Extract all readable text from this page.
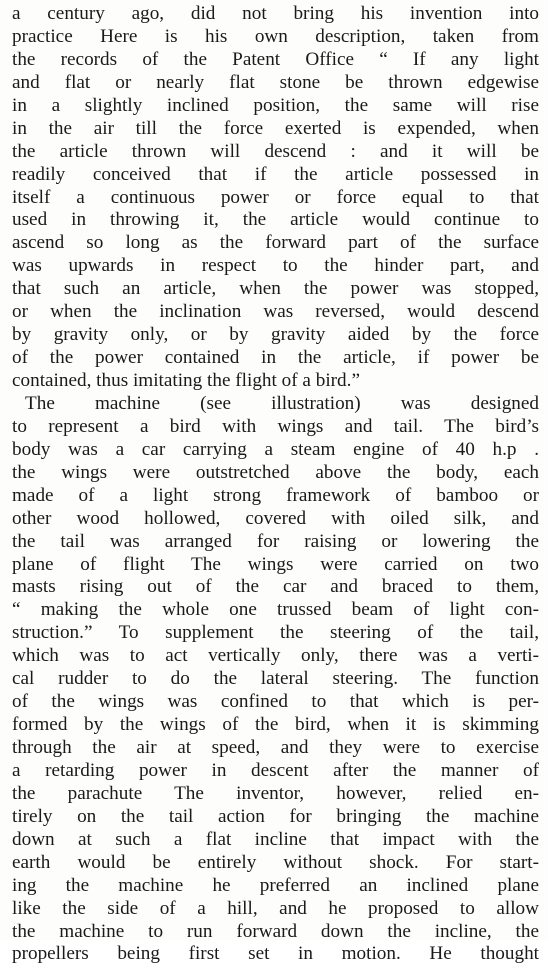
a century ago, did not bring his invention into
practice Here is his own description, taken from
the records of the Patent Office “ If any light
and flat or nearly flat stone be thrown edgewise
in a slightly inclined position, the same will rise
in the air till the force exerted is expended, when
the article thrown will descend : and it will be
readily conceived that if the article possessed in
itself a continuous power or force equal to that
used in throwing it, the article would continue to
ascend so long as the forward part of the surface
was upwards in respect to the hinder part, and
that such an article, when the power was stopped,
or when the inclination was reversed, would descend
by gravity only, or by gravity aided by the force
of the power contained in the article, if power be
contained, thus imitating the flight of a bird.”
The machine (see illustration) was designed
to represent a bird with wings and tail. The bird’s
body was a car carrying a steam engine of 40 h.p .
the wings were outstretched above the body, each
made of a light strong framework of bamboo or
other wood hollowed, covered with oiled silk, and
the tail was arranged for raising or lowering the
plane of flight The wings were carried on two
masts rising out of the car and braced to them,
“ making the whole one trussed beam of light con-
struction.” To supplement the steering of the tail,
which was to act vertically only, there was a verti-
cal rudder to do the lateral steering. The function
of the wings was confined to that which is per-
formed by the wings of the bird, when it is skimming
through the air at speed, and they were to exercise
a retarding power in descent after the manner of
the parachute The inventor, however, relied en-
tirely on the tail action for bringing the machine
down at such a flat incline that impact with the
earth would be entirely without shock. For start-
ing the machine he preferred an inclined plane
like the side of a hill, and he proposed to allow
the machine to run forward down the incline, the
propellers being first set in motion. He thought
